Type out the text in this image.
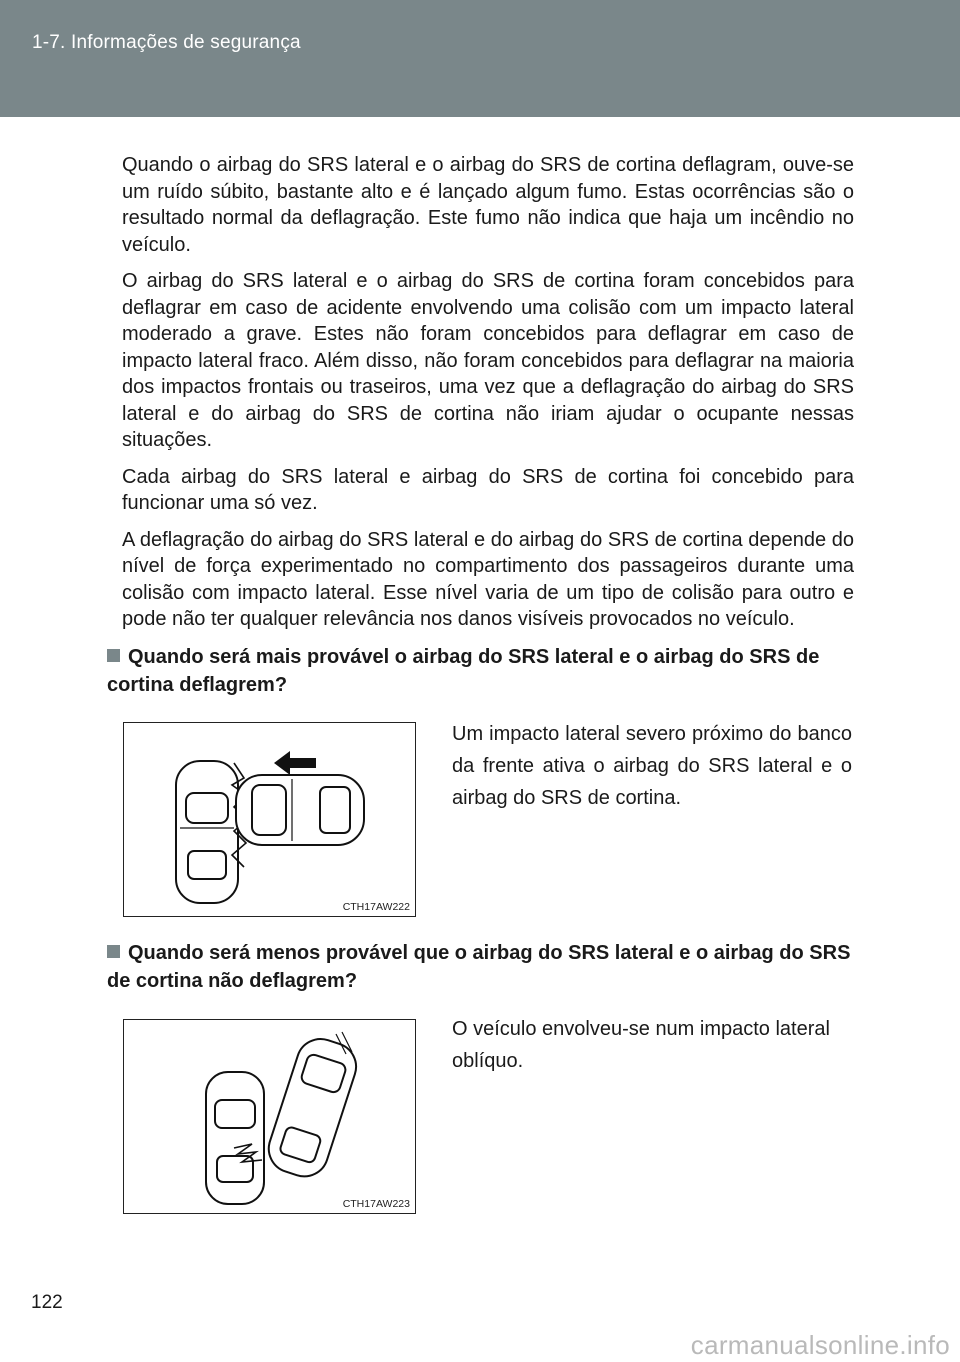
1-7. Informações de segurança

Quando o airbag do SRS lateral e o airbag do SRS de cortina deflagram, ouve-se um ruído súbito, bastante alto e é lançado algum fumo. Estas ocorrências são o resultado normal da deflagração. Este fumo não indica que haja um incêndio no veículo.

O airbag do SRS lateral e o airbag do SRS de cortina foram concebidos para deflagrar em caso de acidente envolvendo uma colisão com um impacto lateral moderado a grave. Estes não foram concebidos para deflagrar em caso de impacto lateral fraco. Além disso, não foram concebidos para deflagrar na maioria dos impactos frontais ou traseiros, uma vez que a deflagração do airbag do SRS lateral e do airbag do SRS de cortina não iriam ajudar o ocupante nessas situações.

Cada airbag do SRS lateral e airbag do SRS de cortina foi concebido para funcionar uma só vez.

A deflagração do airbag do SRS lateral e do airbag do SRS de cortina depende do nível de força experimentado no compartimento dos passageiros durante uma colisão com impacto lateral. Esse nível varia de um tipo de colisão para outro e pode não ter qualquer relevância nos danos visíveis provocados no veículo.

Quando será mais provável o airbag do SRS lateral e o airbag do SRS de cortina deflagrem?
CTH17AW222
Um impacto lateral severo próximo do banco da frente ativa o airbag do SRS lateral e o airbag do SRS de cortina.
Quando será menos provável que o airbag do SRS lateral e o airbag do SRS de cortina não deflagrem?
CTH17AW223
O veículo envolveu-se num impacto lateral oblíquo.
122
carmanualsonline.info
